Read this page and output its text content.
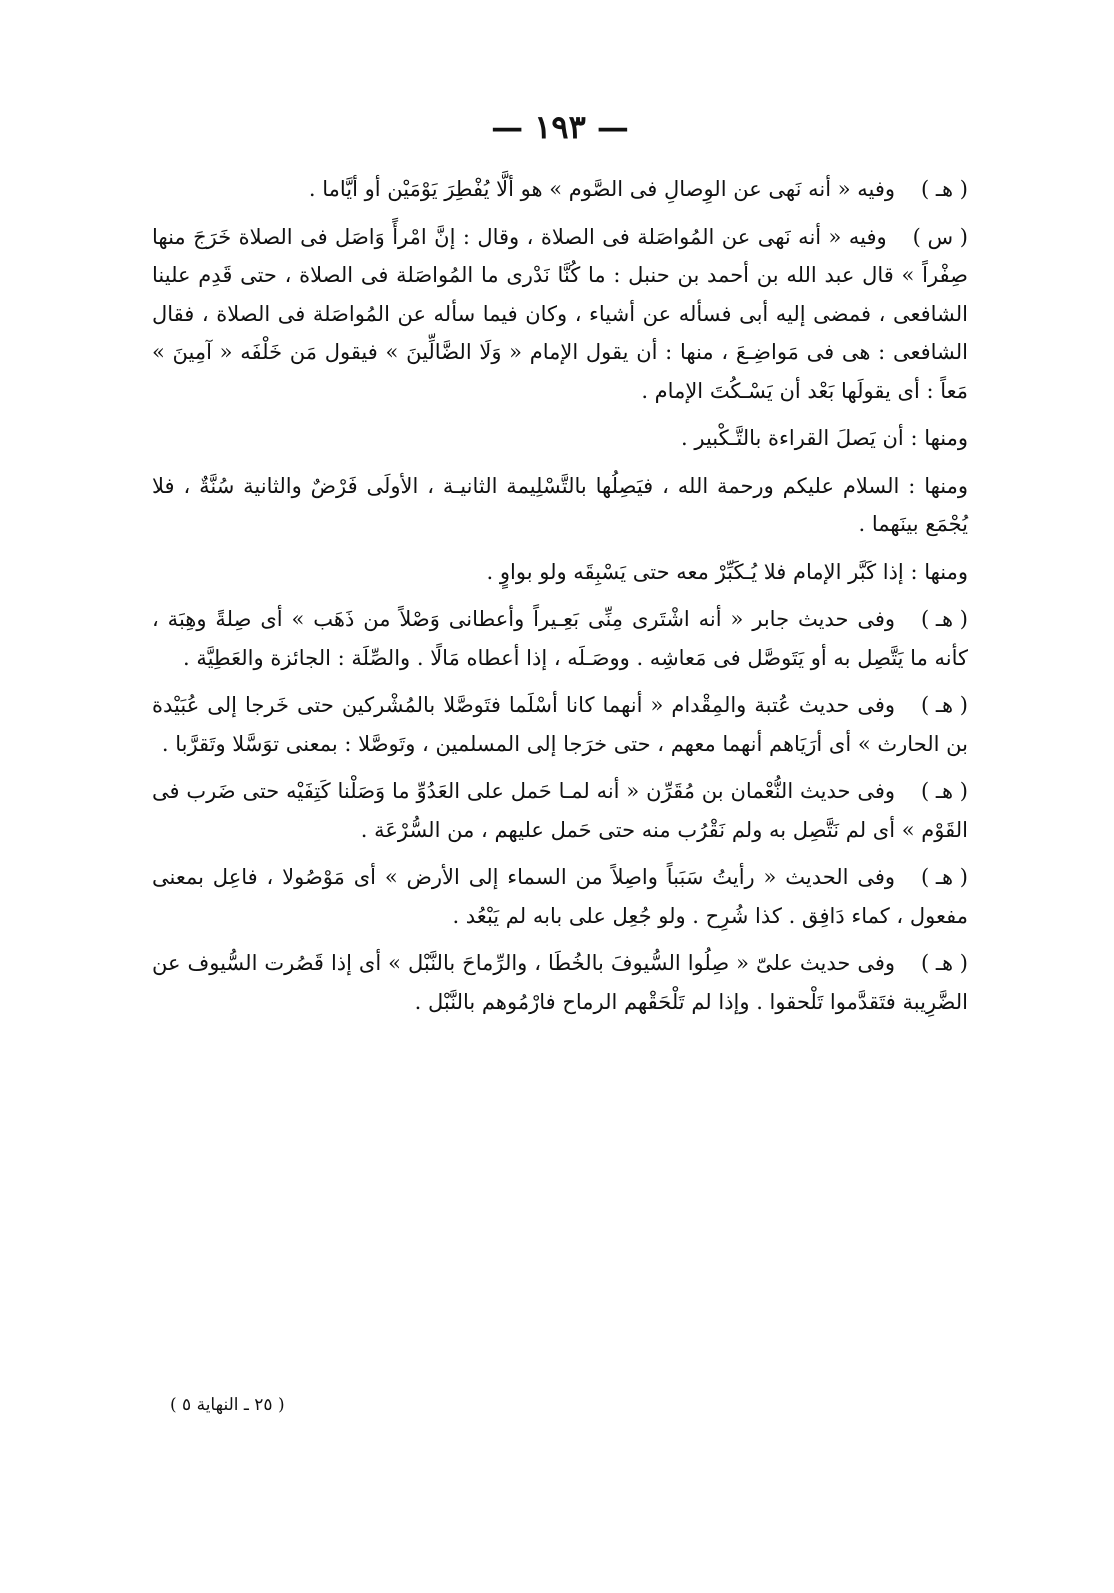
— ١٩٣ —

( هـ )وفيه « أنه نَهى عن الوِصالِ فى الصَّوم » هو ألَّا يُفْطِرَ يَوْمَيْن أو أيَّاما .

( س )وفيه « أنه نَهى عن المُواصَلة فى الصلاة ، وقال : إنَّ امْرأً وَاصَل فى الصلاة خَرَجَ منها صِفْراً » قال عبد الله بن أحمد بن حنبل : ما كُنَّا نَدْرى ما المُواصَلة فى الصلاة ، حتى قَدِم علينا الشافعى ، فمضى إليه أبى فسأله عن أشياء ، وكان فيما سأله عن المُواصَلة فى الصلاة ، فقال الشافعى : هى فى مَواضِـعَ ، منها : أن يقول الإمام « وَلَا الضَّالِّينَ » فيقول مَن خَلْفَه « آمِينَ » مَعاً : أى يقولَها بَعْد أن يَسْـكُتَ الإمام .

ومنها : أن يَصلَ القراءة بالتَّـكْبير .

ومنها : السلام عليكم ورحمة الله ، فيَصِلُها بالتَّسْلِيمة الثانيـة ، الأولَى فَرْضٌ والثانية سُنَّةٌ ، فلا يُجْمَع بينَهما .

ومنها : إذا كَبَّر الإمام فلا يُـكَبِّرْ معه حتى يَسْبِقَه ولو بواوٍ .

( هـ )وفى حديث جابر « أنه اشْتَرى مِنِّى بَعِـيراً وأعطانى وَصْلاً من ذَهَب » أى صِلةً وهِبَة ، كأنه ما يَتَّصِل به أو يَتَوصَّل فى مَعاشِه . ووصَـلَه ، إذا أعطاه مَالًا . والصِّلَة : الجائزة والعَطِيَّة .

( هـ )وفى حديث عُتبة والمِقْدام « أنهما كانا أسْلَما فتَوصَّلا بالمُشْركين حتى خَرجا إلى عُبَيْدة بن الحارث » أى أرَيَاهم أنهما معهم ، حتى خرَجا إلى المسلمين ، وتَوصَّلا : بمعنى توَسَّلا وتَقرَّبا .

( هـ )وفى حديث النُّعْمان بن مُقَرِّن « أنه لمـا حَمل على العَدُوِّ ما وَصَلْنا كَتِفَيْه حتى ضَرب فى القَوْم » أى لم نَتَّصِل به ولم نَقْرُب منه حتى حَمل عليهم ، من السُّرْعَة .

( هـ )وفى الحديث « رأيتُ سَبَباً واصِلاً من السماء إلى الأرض » أى مَوْصُولا ، فاعِل بمعنى مفعول ، كماء دَافِق . كذا شُرِح . ولو جُعِل على بابه لم يَبْعُد .

( هـ )وفى حديث علىّ « صِلُوا السُّيوفَ بالخُطَا ، والرِّماحَ بالنَّبْل » أى إذا قَصُرت السُّيوف عن الضَّرِيبة فتَقدَّموا تَلْحقوا . وإذا لم تَلْحَقْهم الرماح فارْمُوهم بالنَّبْل .

( ٢٥ ـ النهاية ٥ )
